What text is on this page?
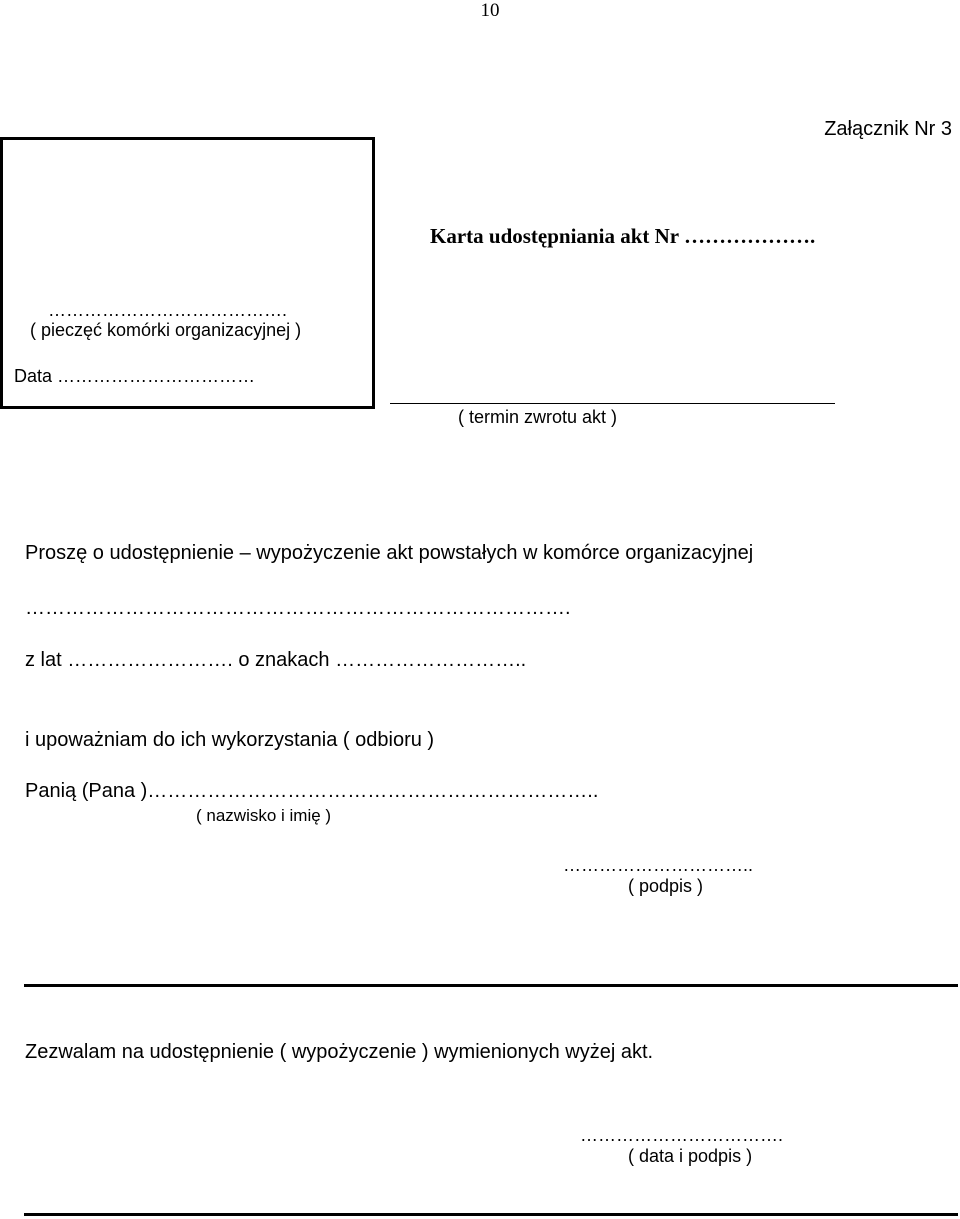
10
Załącznik Nr 3
………………………………….
( pieczęć komórki organizacyjnej )
Data ……………………………
Karta udostępniania akt Nr ……………….
( termin zwrotu akt )
Proszę o udostępnienie – wypożyczenie akt powstałych w komórce organizacyjnej
……………………………………………………………………….
z lat ……………………. o znakach ………………………..
i upoważniam do ich wykorzystania ( odbioru )
Panią (Pana )…………………………………………………………..
( nazwisko i imię )
…………………………..
( podpis )
Zezwalam na udostępnienie ( wypożyczenie ) wymienionych wyżej akt.
…………………………….
( data i podpis )
